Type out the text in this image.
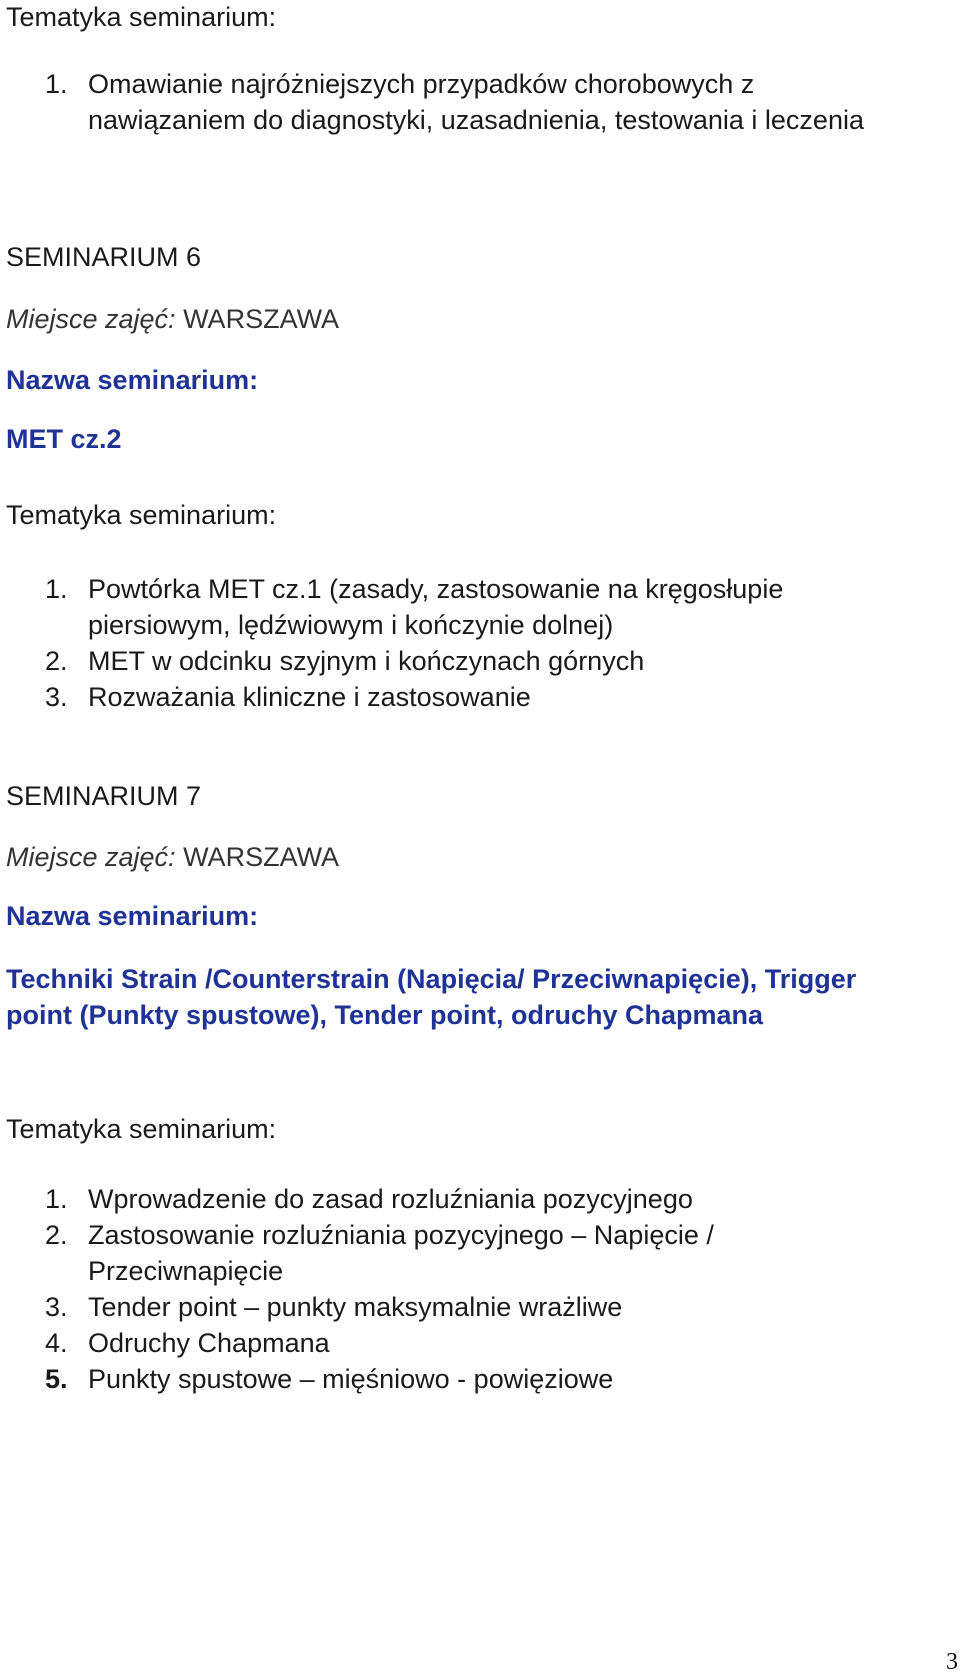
Tematyka seminarium:
1. Omawianie najróżniejszych przypadków chorobowych z nawiązaniem do diagnostyki, uzasadnienia, testowania i leczenia
SEMINARIUM 6
Miejsce zajęć: WARSZAWA
Nazwa seminarium:
MET cz.2
Tematyka seminarium:
1. Powtórka MET cz.1 (zasady, zastosowanie na kręgosłupie piersiowym, lędźwiowym i kończynie dolnej)
2. MET w odcinku szyjnym i kończynach górnych
3. Rozważania kliniczne i zastosowanie
SEMINARIUM 7
Miejsce zajęć: WARSZAWA
Nazwa seminarium:
Techniki Strain /Counterstrain (Napięcia/ Przeciwnapięcie), Trigger point (Punkty spustowe), Tender point, odruchy Chapmana
Tematyka seminarium:
1. Wprowadzenie do zasad rozluźniania pozycyjnego
2. Zastosowanie rozluźniania pozycyjnego – Napięcie / Przeciwnapięcie
3. Tender point – punkty maksymalnie wrażliwe
4. Odruchy Chapmana
5. Punkty spustowe – mięśniowo - powięziowe
3
